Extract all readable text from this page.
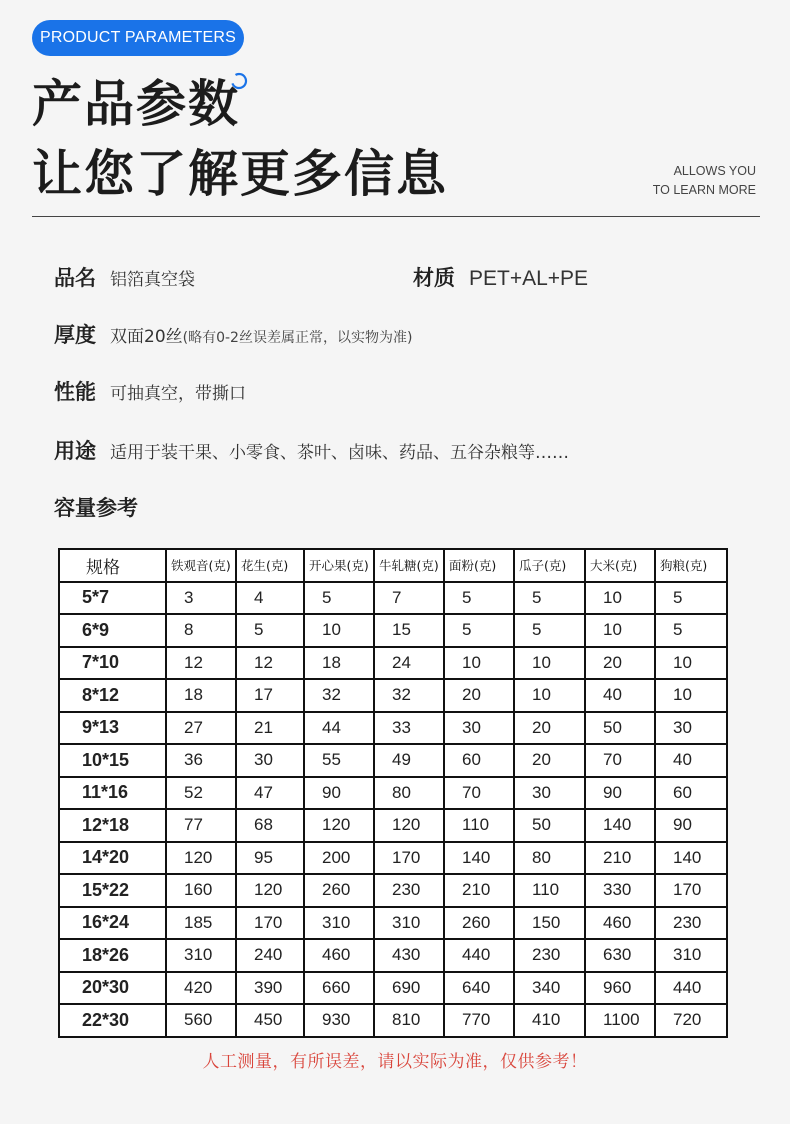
PRODUCT PARAMETERS
产品参数
让您了解更多信息	ALLOWS YOU
TO LEARN MORE
品名 铝箔真空袋	材质 PET+AL+PE
厚度 双面20丝 (略有0-2丝误差属正常，以实物为准)
性能 可抽真空，带撕口
用途 适用于装干果、小零食、茶叶、卤味、药品、五谷杂粮等……
容量参考
规格	铁观音(克)	花生(克)	开心果(克)	牛轧糖(克)	面粉(克)	瓜子(克)	大米(克)	狗粮(克)
5*7	3	4	5	7	5	5	10	5
6*9	8	5	10	15	5	5	10	5
7*10	12	12	18	24	10	10	20	10
8*12	18	17	32	32	20	10	40	10
9*13	27	21	44	33	30	20	50	30
10*15	36	30	55	49	60	20	70	40
11*16	52	47	90	80	70	30	90	60
12*18	77	68	120	120	110	50	140	90
14*20	120	95	200	170	140	80	210	140
15*22	160	120	260	230	210	110	330	170
16*24	185	170	310	310	260	150	460	230
18*26	310	240	460	430	440	230	630	310
20*30	420	390	660	690	640	340	960	440
22*30	560	450	930	810	770	410	1100	720
人工测量，有所误差，请以实际为准，仅供参考！
